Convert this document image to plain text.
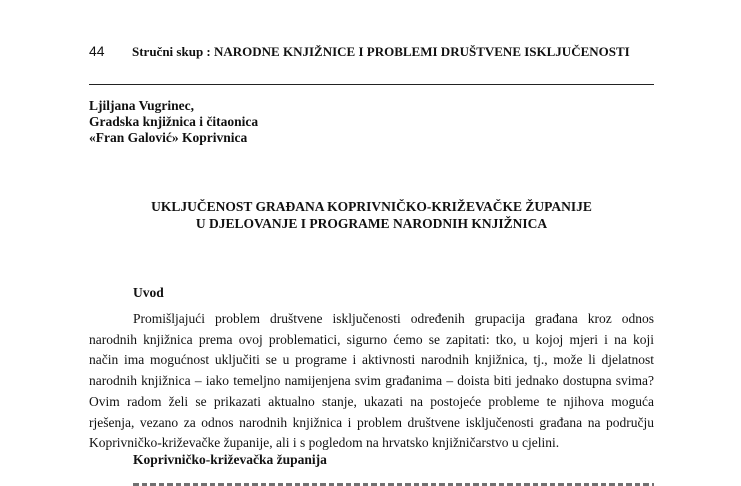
44 Stručni skup : NARODNE KNJIŽNICE I PROBLEMI DRUŠTVENE ISKLJUČENOSTI
Ljiljana Vugrinec,
Gradska knjižnica i čitaonica
«Fran Galović» Koprivnica
UKLJUČENOST GRAĐANA KOPRIVNIČKO-KRIŽEVAČKE ŽUPANIJE
U DJELOVANJE I PROGRAME NARODNIH KNJIŽNICA
Uvod
Promišljajući problem društvene isključenosti određenih grupacija građana kroz odnos
narodnih knjižnica prema ovoj problematici, sigurno ćemo se zapitati: tko, u kojoj mjeri i na koji
način ima mogućnost uključiti se u programe i aktivnosti narodnih knjižnica, tj., može li djelatnost
narodnih knjižnica – iako temeljno namijenjena svim građanima – doista biti jednako dostupna svima?
Ovim radom želi se prikazati aktualno stanje, ukazati na postojeće probleme te njihova moguća
rješenja, vezano za odnos narodnih knjižnica i problem društvene isključenosti građana na području
Koprivničko-križevačke županije, ali i s pogledom na hrvatsko knjižničarstvo u cjelini.
Koprivničko-križevačka županija
